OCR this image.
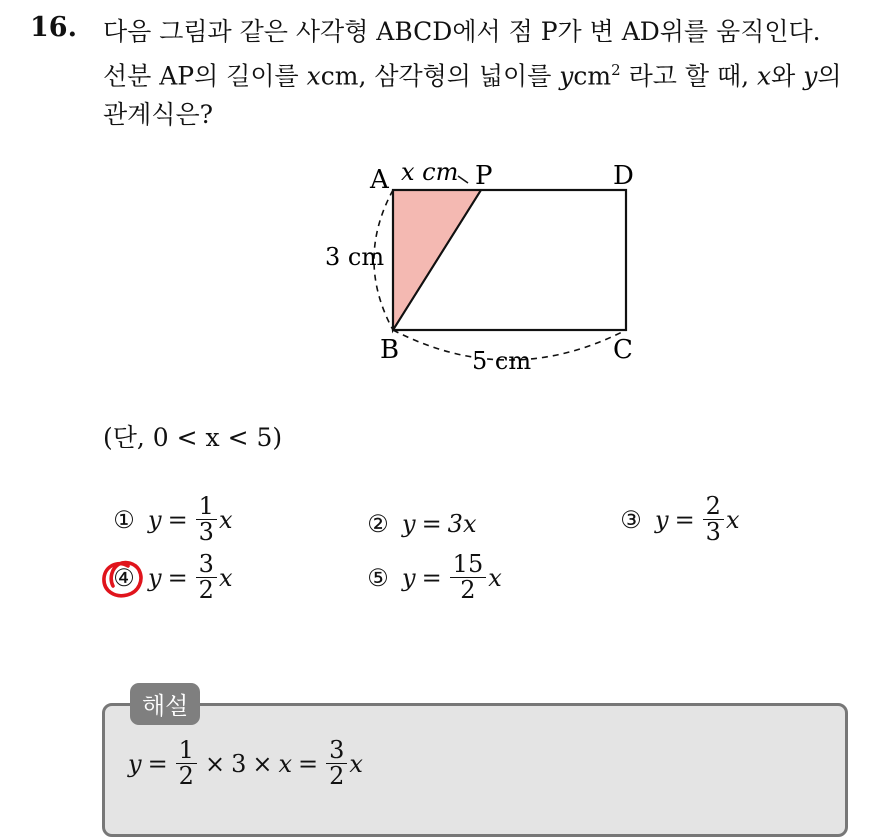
16. 다음 그림과 같은 사각형 ABCD에서 점 P가 변 AD위를 움직인다.
선분 AP의 길이를 xcm, 삼각형의 넓이를 ycm$^2$ 라고 할 때, x와 y의
관계식은?
A x cm P	D
3 cm
B	5 cm	C
(단, 0 < x < 5)
① $y = \frac{1}{3}$ x	② y = 3x	③ $y = \frac{2}{3}$ x
④ $y = \frac{3}{2}$ x	⑤ $y = \frac{15}{2}$ x
해설
$y = \frac{1}{2} \times 3 \times x = \frac{3}{2}$ x
